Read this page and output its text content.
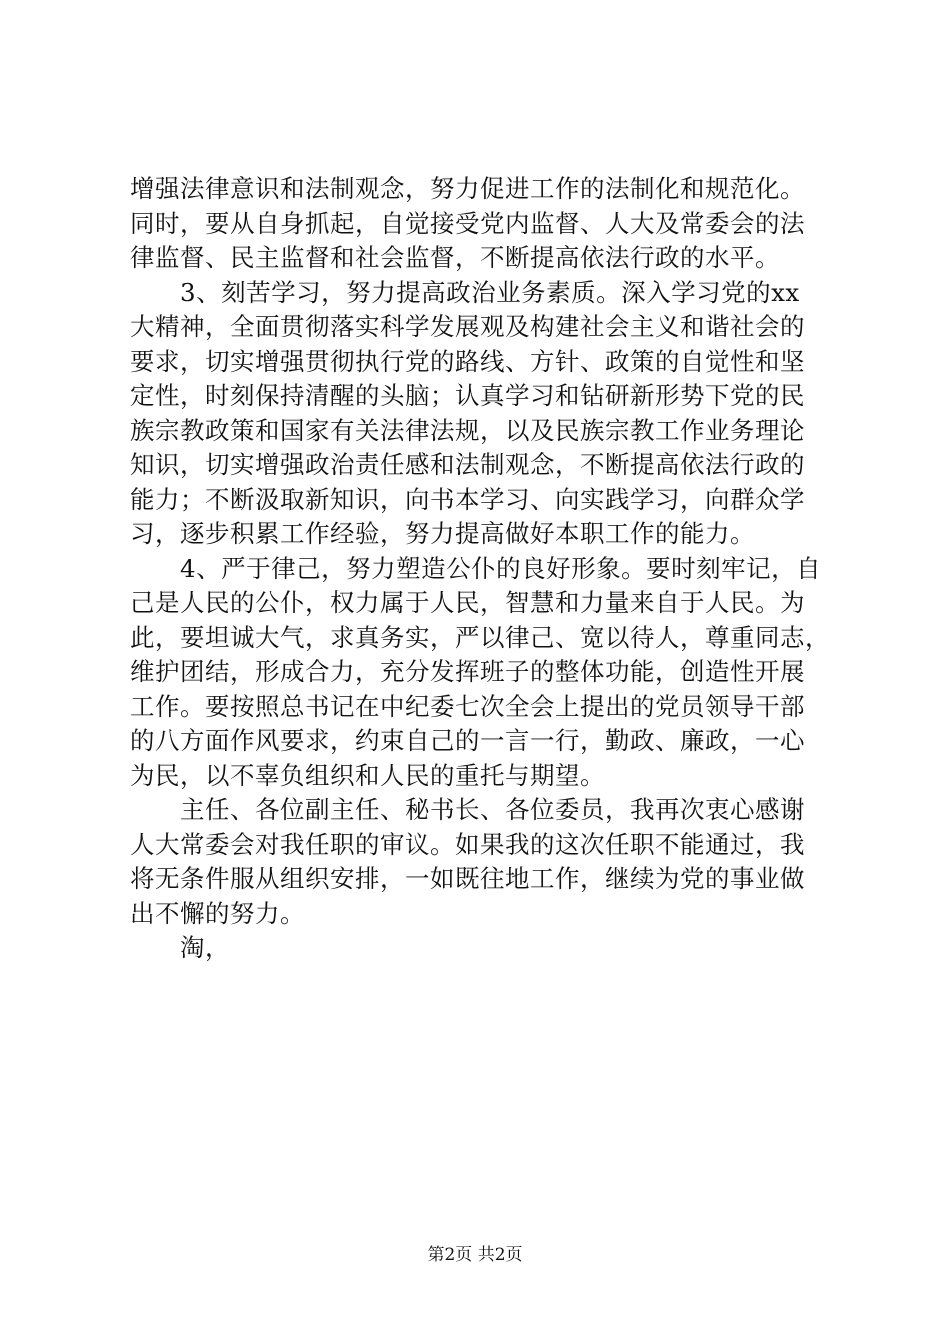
增强法律意识和法制观念，努力促进工作的法制化和规范化。
同时，要从自身抓起，自觉接受党内监督、人大及常委会的法
律监督、民主监督和社会监督，不断提高依法行政的水平。
3、刻苦学习，努力提高政治业务素质。深入学习党的xx
大精神，全面贯彻落实科学发展观及构建社会主义和谐社会的
要求，切实增强贯彻执行党的路线、方针、政策的自觉性和坚
定性，时刻保持清醒的头脑；认真学习和钻研新形势下党的民
族宗教政策和国家有关法律法规，以及民族宗教工作业务理论
知识，切实增强政治责任感和法制观念，不断提高依法行政的
能力；不断汲取新知识，向书本学习、向实践学习，向群众学
习，逐步积累工作经验，努力提高做好本职工作的能力。
4、严于律己，努力塑造公仆的良好形象。要时刻牢记，自
己是人民的公仆，权力属于人民，智慧和力量来自于人民。为
此，要坦诚大气，求真务实，严以律己、宽以待人，尊重同志，
维护团结，形成合力，充分发挥班子的整体功能，创造性开展
工作。要按照总书记在中纪委七次全会上提出的党员领导干部
的八方面作风要求，约束自己的一言一行，勤政、廉政，一心
为民，以不辜负组织和人民的重托与期望。
主任、各位副主任、秘书长、各位委员，我再次衷心感谢
人大常委会对我任职的审议。如果我的这次任职不能通过，我
将无条件服从组织安排，一如既往地工作，继续为党的事业做
出不懈的努力。
淘，
第2页 共2页
